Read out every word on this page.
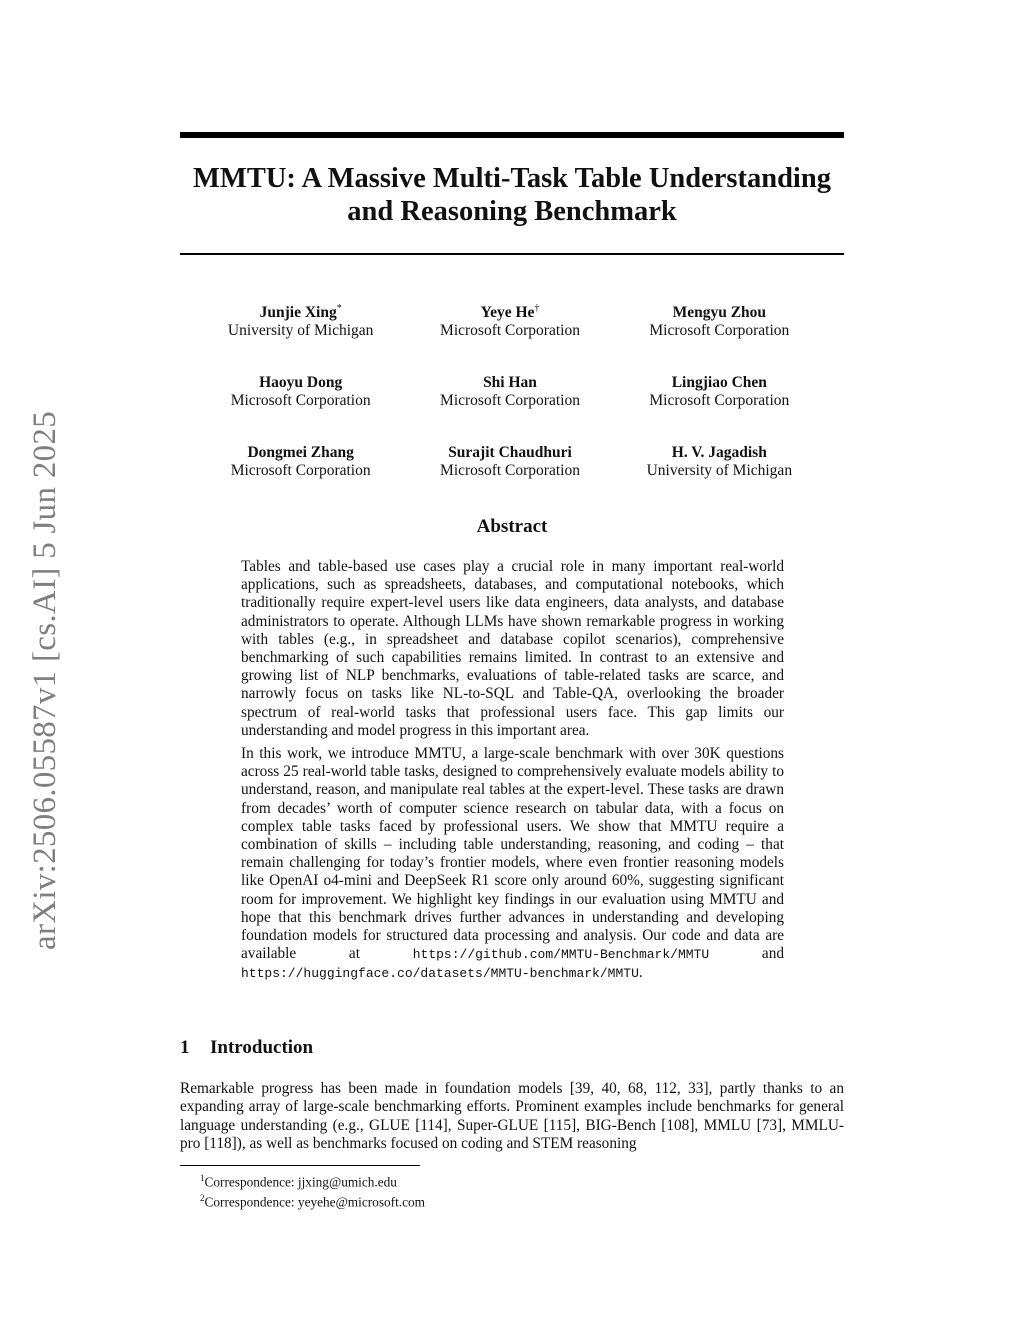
arXiv:2506.05587v1 [cs.AI] 5 Jun 2025
MMTU: A Massive Multi-Task Table Understanding and Reasoning Benchmark
Junjie Xing*
University of Michigan
Yeye He†
Microsoft Corporation
Mengyu Zhou
Microsoft Corporation
Haoyu Dong
Microsoft Corporation
Shi Han
Microsoft Corporation
Lingjiao Chen
Microsoft Corporation
Dongmei Zhang
Microsoft Corporation
Surajit Chaudhuri
Microsoft Corporation
H. V. Jagadish
University of Michigan
Abstract

Tables and table-based use cases play a crucial role in many important real-world applications, such as spreadsheets, databases, and computational notebooks, which traditionally require expert-level users like data engineers, data analysts, and database administrators to operate. Although LLMs have shown remarkable progress in working with tables (e.g., in spreadsheet and database copilot scenarios), comprehensive benchmarking of such capabilities remains limited. In contrast to an extensive and growing list of NLP benchmarks, evaluations of table-related tasks are scarce, and narrowly focus on tasks like NL-to-SQL and Table-QA, overlooking the broader spectrum of real-world tasks that professional users face. This gap limits our understanding and model progress in this important area.

In this work, we introduce MMTU, a large-scale benchmark with over 30K questions across 25 real-world table tasks, designed to comprehensively evaluate models ability to understand, reason, and manipulate real tables at the expert-level. These tasks are drawn from decades’ worth of computer science research on tabular data, with a focus on complex table tasks faced by professional users. We show that MMTU require a combination of skills – including table understanding, reasoning, and coding – that remain challenging for today’s frontier models, where even frontier reasoning models like OpenAI o4-mini and DeepSeek R1 score only around 60%, suggesting significant room for improvement. We highlight key findings in our evaluation using MMTU and hope that this benchmark drives further advances in understanding and developing foundation models for structured data processing and analysis. Our code and data are available at	https://github.com/MMTU-Benchmark/MMTU	and https://huggingface.co/datasets/MMTU-benchmark/MMTU.

1 Introduction

Remarkable progress has been made in foundation models [39, 40, 68, 112, 33], partly thanks to an expanding array of large-scale benchmarking efforts. Prominent examples include benchmarks for general language understanding (e.g., GLUE [114], Super-GLUE [115], BIG-Bench [108], MMLU [73], MMLU-pro [118]), as well as benchmarks focused on coding and STEM reasoning

$^1$Correspondence: jjxing@umich.edu
$^2$Correspondence: yeyehe@microsoft.com
